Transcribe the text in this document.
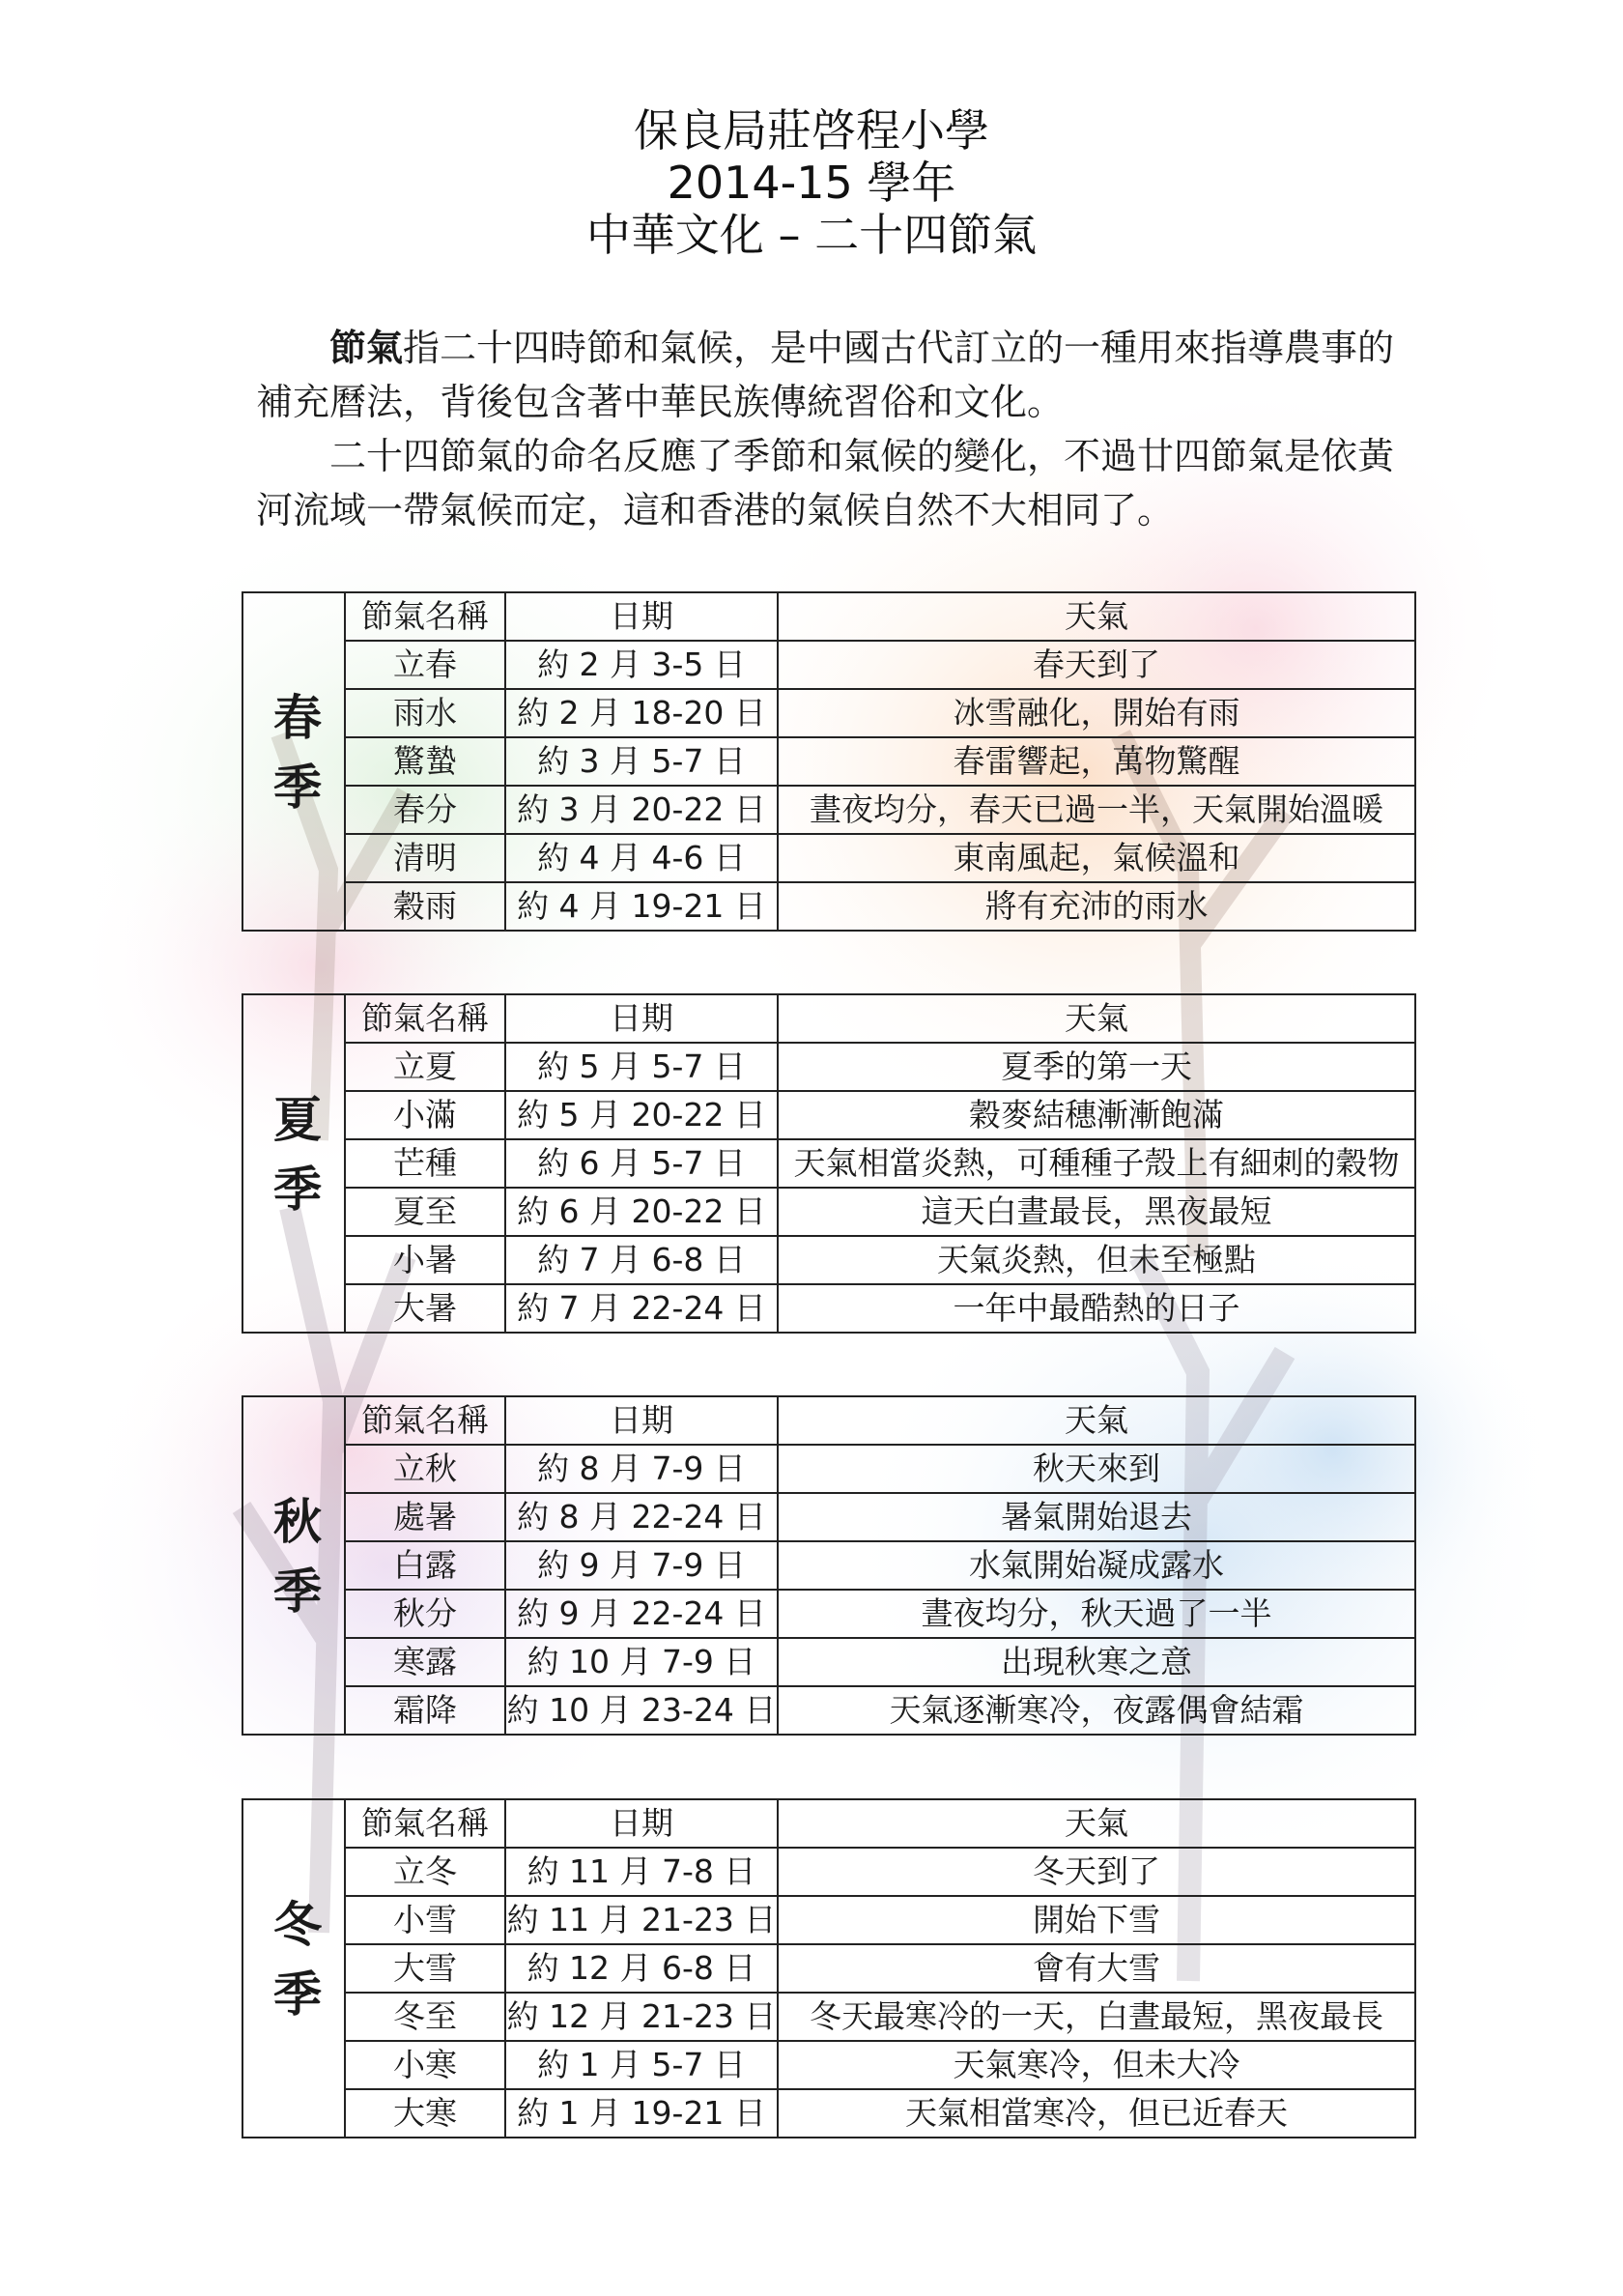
保良局莊啓程小學
2014-15 學年
中華文化 – 二十四節氣

節氣指二十四時節和氣候，是中國古代訂立的一種用來指導農事的補充曆法，背後包含著中華民族傳統習俗和文化。

二十四節氣的命名反應了季節和氣候的變化，不過廿四節氣是依黃河流域一帶氣候而定，這和香港的氣候自然不大相同了。

春季	節氣名稱	日期	天氣
	立春	約 2 月 3-5 日	春天到了
	雨水	約 2 月 18-20 日	冰雪融化，開始有雨
	驚蟄	約 3 月 5-7 日	春雷響起，萬物驚醒
	春分	約 3 月 20-22 日	晝夜均分，春天已過一半，天氣開始溫暖
	清明	約 4 月 4-6 日	東南風起，氣候溫和
	穀雨	約 4 月 19-21 日	將有充沛的雨水
夏季	節氣名稱	日期	天氣
	立夏	約 5 月 5-7 日	夏季的第一天
	小滿	約 5 月 20-22 日	穀麥結穗漸漸飽滿
	芒種	約 6 月 5-7 日	天氣相當炎熱，可種種子殼上有細刺的穀物
	夏至	約 6 月 20-22 日	這天白晝最長，黑夜最短
	小暑	約 7 月 6-8 日	天氣炎熱，但未至極點
	大暑	約 7 月 22-24 日	一年中最酷熱的日子
秋季	節氣名稱	日期	天氣
	立秋	約 8 月 7-9 日	秋天來到
	處暑	約 8 月 22-24 日	暑氣開始退去
	白露	約 9 月 7-9 日	水氣開始凝成露水
	秋分	約 9 月 22-24 日	晝夜均分，秋天過了一半
	寒露	約 10 月 7-9 日	出現秋寒之意
	霜降	約 10 月 23-24 日	天氣逐漸寒冷，夜露偶會結霜
冬季	節氣名稱	日期	天氣
	立冬	約 11 月 7-8 日	冬天到了
	小雪	約 11 月 21-23 日	開始下雪
	大雪	約 12 月 6-8 日	會有大雪
	冬至	約 12 月 21-23 日	冬天最寒冷的一天，白晝最短，黑夜最長
	小寒	約 1 月 5-7 日	天氣寒冷，但未大冷
	大寒	約 1 月 19-21 日	天氣相當寒冷，但已近春天
